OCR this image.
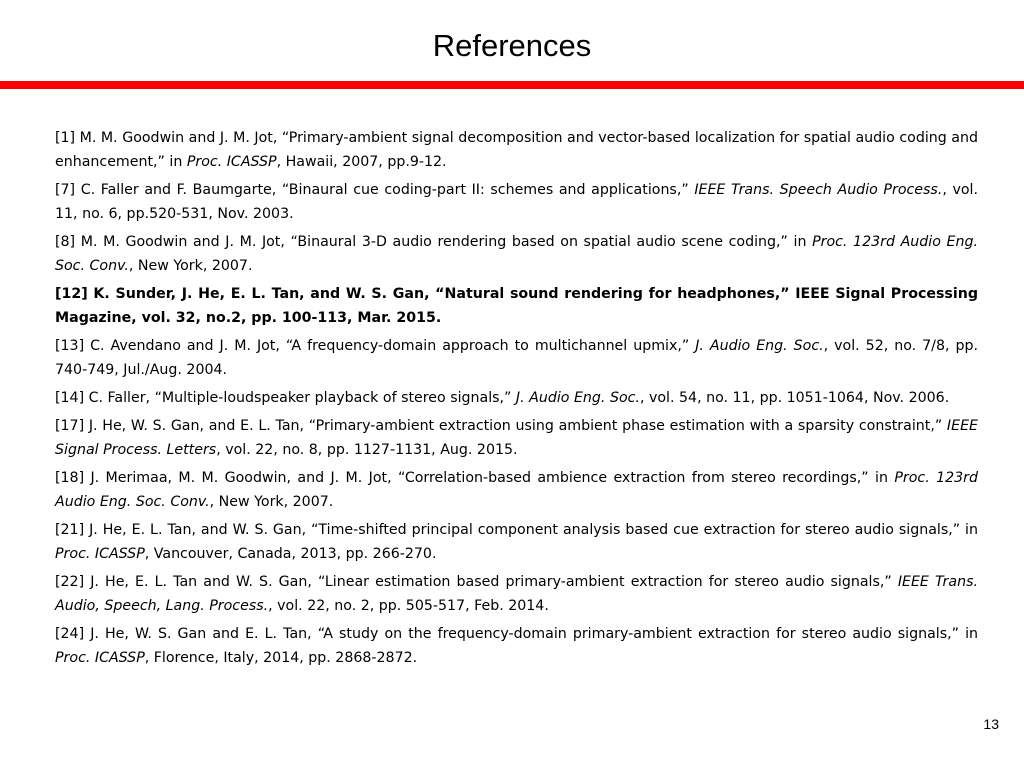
References
[1] M. M. Goodwin and J. M. Jot, “Primary-ambient signal decomposition and vector-based localization for spatial audio coding and enhancement,” in Proc. ICASSP, Hawaii, 2007, pp.9-12.
[7] C. Faller and F. Baumgarte, “Binaural cue coding-part II: schemes and applications,” IEEE Trans. Speech Audio Process., vol. 11, no. 6, pp.520-531, Nov. 2003.
[8] M. M. Goodwin and J. M. Jot, “Binaural 3-D audio rendering based on spatial audio scene coding,” in Proc. 123rd Audio Eng. Soc. Conv., New York, 2007.
[12] K. Sunder, J. He, E. L. Tan, and W. S. Gan, “Natural sound rendering for headphones,” IEEE Signal Processing Magazine, vol. 32, no.2, pp. 100-113, Mar. 2015.
[13] C. Avendano and J. M. Jot, “A frequency-domain approach to multichannel upmix,” J. Audio Eng. Soc., vol. 52, no. 7/8, pp. 740-749, Jul./Aug. 2004.
[14] C. Faller, “Multiple-loudspeaker playback of stereo signals,” J. Audio Eng. Soc., vol. 54, no. 11, pp. 1051-1064, Nov. 2006.
[17] J. He, W. S. Gan, and E. L. Tan, “Primary-ambient extraction using ambient phase estimation with a sparsity constraint,” IEEE Signal Process. Letters, vol. 22, no. 8, pp. 1127-1131, Aug. 2015.
[18] J. Merimaa, M. M. Goodwin, and J. M. Jot, “Correlation-based ambience extraction from stereo recordings,” in Proc. 123rd Audio Eng. Soc. Conv., New York, 2007.
[21] J. He, E. L. Tan, and W. S. Gan, “Time-shifted principal component analysis based cue extraction for stereo audio signals,” in Proc. ICASSP, Vancouver, Canada, 2013, pp. 266-270.
[22] J. He, E. L. Tan and W. S. Gan, “Linear estimation based primary-ambient extraction for stereo audio signals,” IEEE Trans. Audio, Speech, Lang. Process., vol. 22, no. 2, pp. 505-517, Feb. 2014.
[24] J. He, W. S. Gan and E. L. Tan, “A study on the frequency-domain primary-ambient extraction for stereo audio signals,” in Proc. ICASSP, Florence, Italy, 2014, pp. 2868-2872.
13
